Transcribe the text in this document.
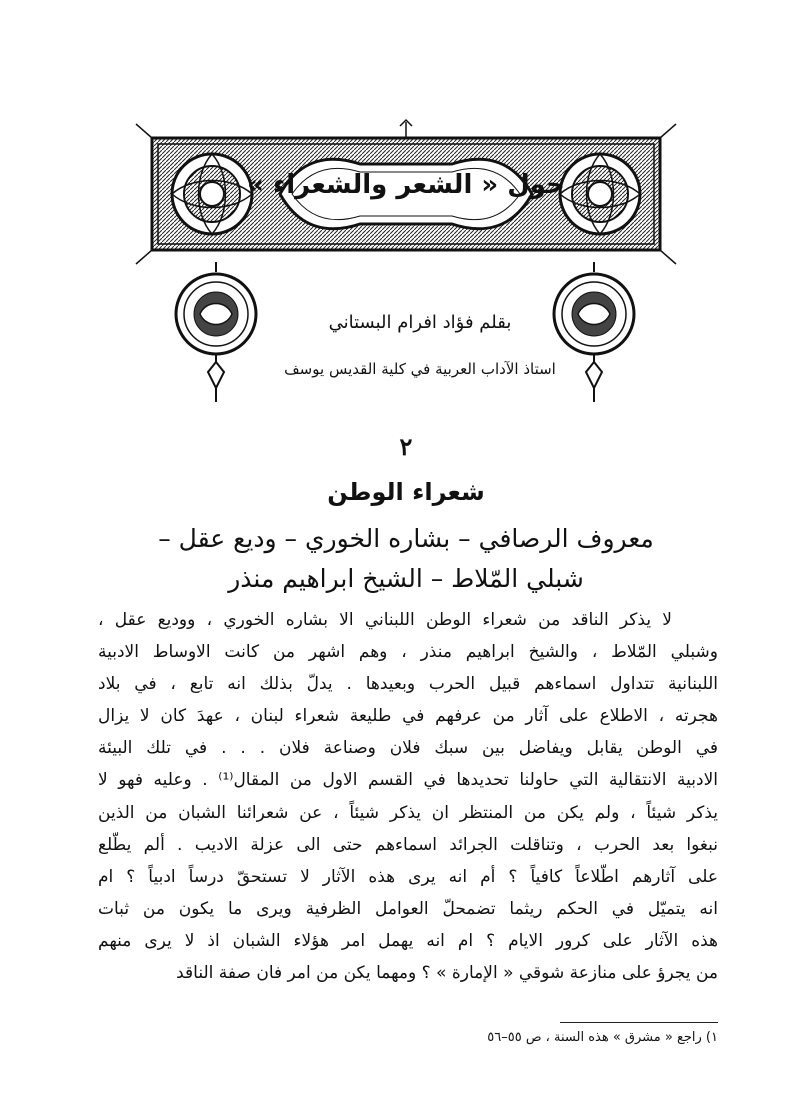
حول « الشعر والشعراء »
بقلم فؤاد افرام البستاني
استاذ الآداب العربية في كلية القديس يوسف
٢
شعراء الوطن
معروف الرصافي – بشاره الخوري – وديع عقل –
شبلي المّلاط – الشيخ ابراهيم منذر
لا يذكر الناقد من شعراء الوطن اللبناني الا بشاره الخوري ، ووديع عقل ،
وشبلي المّلاط ، والشيخ ابراهيم منذر ، وهم اشهر من كانت الاوساط الادبية
اللبنانية تتداول اسماءهم قبيل الحرب وبعيدها . يدلّ بذلك انه تابع ، في بلاد
هجرته ، الاطلاع على آثار من عرفهم في طليعة شعراء لبنان ، عهدَ كان لا يزال
في الوطن يقابل ويفاضل بين سبك فلان وصناعة فلان . . . في تلك البيئة
الادبية الانتقالية التي حاولنا تحديدها في القسم الاول من المقال⁽¹⁾ . وعليه فهو لا
يذكر شيئاً ، ولم يكن من المنتظر ان يذكر شيئاً ، عن شعرائنا الشبان من الذين
نبغوا بعد الحرب ، وتناقلت الجرائد اسماءهم حتى الى عزلة الاديب . ألم يطّلع
على آثارهم اطّلاعاً كافياً ؟ أم انه يرى هذه الآثار لا تستحقّ درساً ادبياً ؟ ام
انه يتميّل في الحكم ريثما تضمحلّ العوامل الظرفية ويرى ما يكون من ثبات
هذه الآثار على كرور الايام ؟ ام انه يهمل امر هؤلاء الشبان اذ لا يرى منهم
من يجرؤ على منازعة شوقي « الإمارة » ؟ ومهما يكن من امر فان صفة الناقد
١) راجع « مشرق » هذه السنة ، ص ٥٥–٥٦
